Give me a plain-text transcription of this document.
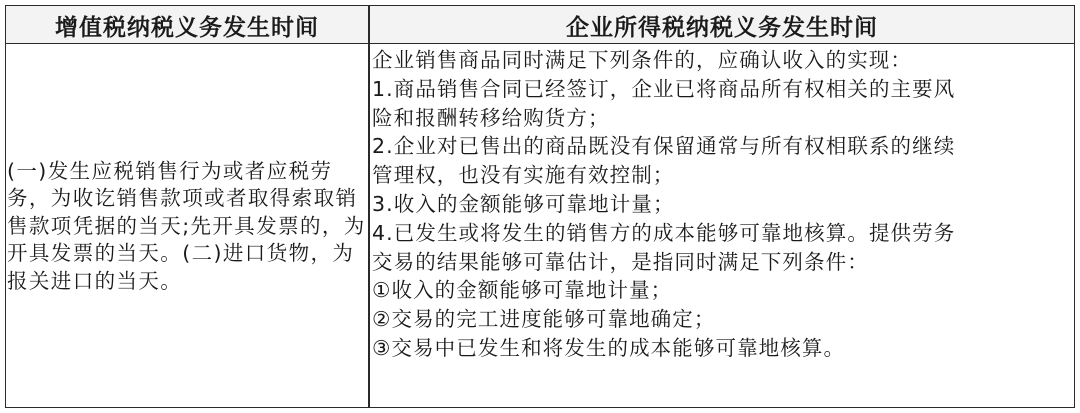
增值税纳税义务发生时间	企业所得税纳税义务发生时间

(一)发生应税销售行为或者应税劳务，为收讫销售款项或者取得索取销售款项凭据的当天;先开具发票的，为开具发票的当天。(二)进口货物，为报关进口的当天。

企业销售商品同时满足下列条件的，应确认收入的实现：
1.商品销售合同已经签订，企业已将商品所有权相关的主要风
险和报酬转移给购货方；
2.企业对已售出的商品既没有保留通常与所有权相联系的继续
管理权，也没有实施有效控制；
3.收入的金额能够可靠地计量；
4.已发生或将发生的销售方的成本能够可靠地核算。提供劳务
交易的结果能够可靠估计，是指同时满足下列条件：
①收入的金额能够可靠地计量；
②交易的完工进度能够可靠地确定；
③交易中已发生和将发生的成本能够可靠地核算。
